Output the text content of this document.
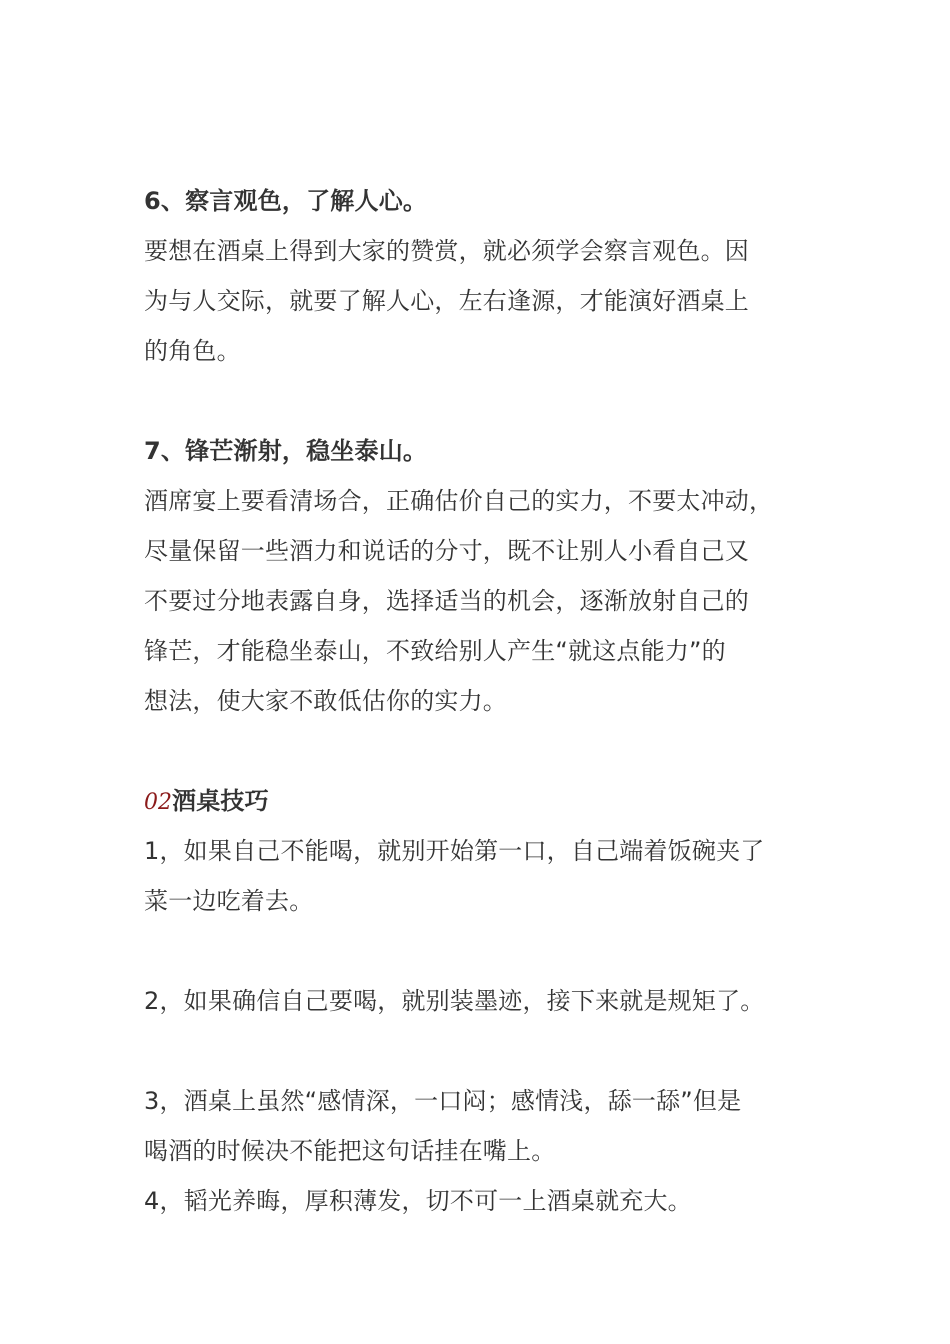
6、察言观色，了解人心。
要想在酒桌上得到大家的赞赏，就必须学会察言观色。因
为与人交际，就要了解人心，左右逢源，才能演好酒桌上
的角色。
7、锋芒渐射，稳坐泰山。
酒席宴上要看清场合，正确估价自己的实力，不要太冲动，
尽量保留一些酒力和说话的分寸，既不让别人小看自己又
不要过分地表露自身，选择适当的机会，逐渐放射自己的
锋芒，才能稳坐泰山，不致给别人产生“就这点能力”的
想法，使大家不敢低估你的实力。
02酒桌技巧
1，如果自己不能喝，就别开始第一口，自己端着饭碗夹了
菜一边吃着去。
2，如果确信自己要喝，就别装墨迹，接下来就是规矩了。
3，酒桌上虽然“感情深，一口闷；感情浅，舔一舔”但是
喝酒的时候决不能把这句话挂在嘴上。
4，韬光养晦，厚积薄发，切不可一上酒桌就充大。
